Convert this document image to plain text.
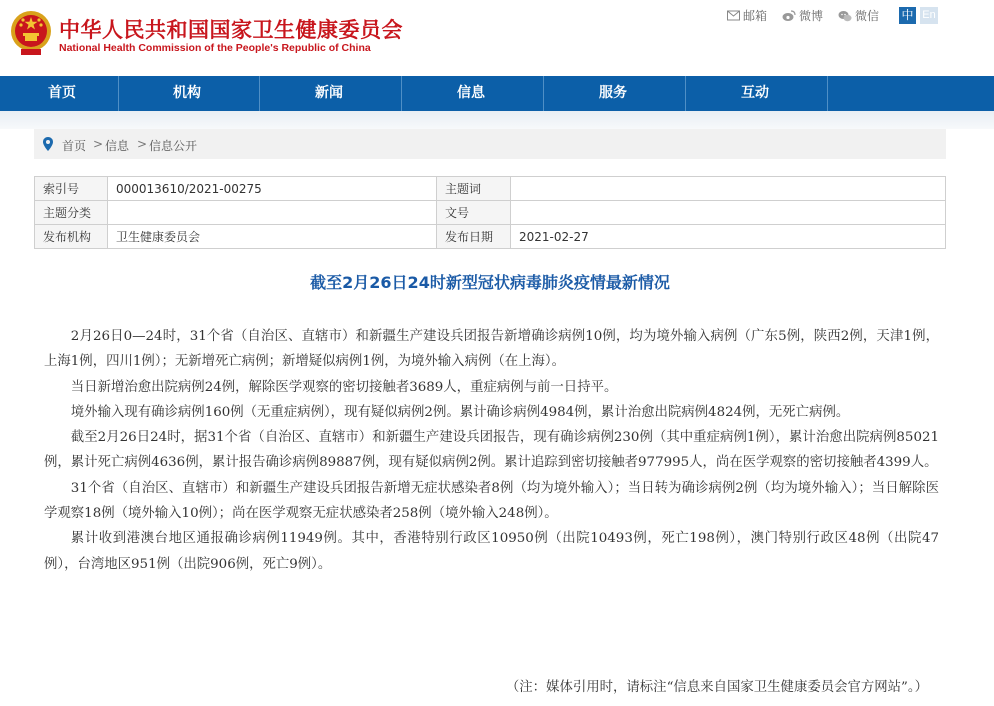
中华人民共和国国家卫生健康委员会
National Health Commission of the People's Republic of China
邮箱	微博	微信 中 En
首页	机构	新闻	信息	服务	互动
首页 > 信息 > 信息公开
索引号	000013610/2021-00275	主题词	
主题分类		文号	
发布机构	卫生健康委员会	发布日期	2021-02-27
截至2月26日24时新型冠状病毒肺炎疫情最新情况

2月26日0—24时，31个省（自治区、直辖市）和新疆生产建设兵团报告新增确诊病例10例，均为境外输入病例（广东5例，陕西2例，天津1例，上海1例，四川1例）；无新增死亡病例；新增疑似病例1例，为境外输入病例（在上海）。

当日新增治愈出院病例24例，解除医学观察的密切接触者3689人，重症病例与前一日持平。

境外输入现有确诊病例160例（无重症病例），现有疑似病例2例。累计确诊病例4984例，累计治愈出院病例4824例，无死亡病例。

截至2月26日24时，据31个省（自治区、直辖市）和新疆生产建设兵团报告，现有确诊病例230例（其中重症病例1例），累计治愈出院病例85021例，累计死亡病例4636例，累计报告确诊病例89887例，现有疑似病例2例。累计追踪到密切接触者977995人，尚在医学观察的密切接触者4399人。

31个省（自治区、直辖市）和新疆生产建设兵团报告新增无症状感染者8例（均为境外输入）；当日转为确诊病例2例（均为境外输入）；当日解除医学观察18例（境外输入10例）；尚在医学观察无症状感染者258例（境外输入248例）。

累计收到港澳台地区通报确诊病例11949例。其中，香港特别行政区10950例（出院10493例，死亡198例），澳门特别行政区48例（出院47例），台湾地区951例（出院906例，死亡9例）。

（注：媒体引用时，请标注“信息来自国家卫生健康委员会官方网站”。）
